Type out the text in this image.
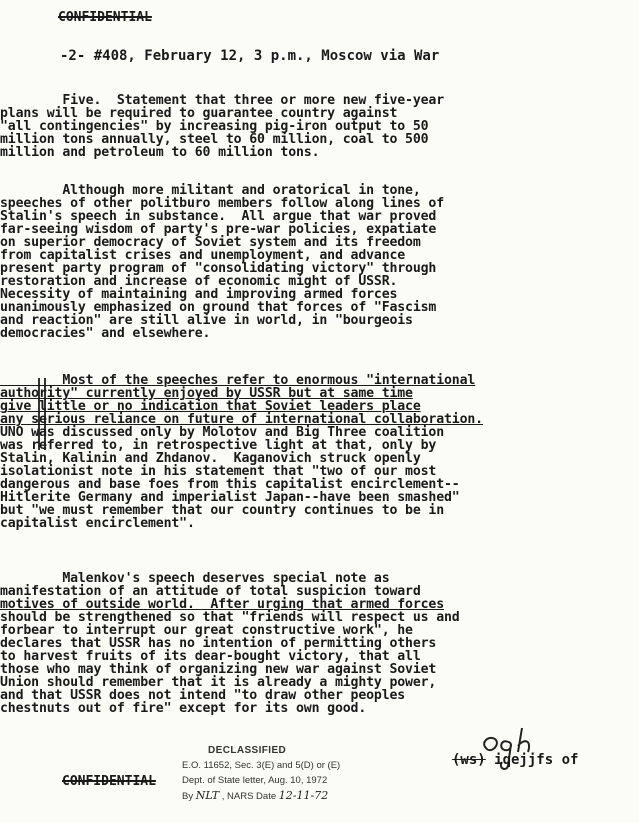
CONFIDENTIAL
-2- #408, February 12, 3 p.m., Moscow via War
Five.  Statement that three or more new five-year
plans will be required to guarantee country against
"all contingencies" by increasing pig-iron output to 50
million tons annually, steel to 60 million, coal to 500
million and petroleum to 60 million tons.
Although more militant and oratorical in tone,
speeches of other politburo members follow along lines of
Stalin's speech in substance.  All argue that war proved
far-seeing wisdom of party's pre-war policies, expatiate
on superior democracy of Soviet system and its freedom
from capitalist crises and unemployment, and advance
present party program of "consolidating victory" through
restoration and increase of economic might of USSR.
Necessity of maintaining and improving armed forces
unanimously emphasized on ground that forces of "Fascism
and reaction" are still alive in world, in "bourgeois
democracies" and elsewhere.
Most of the speeches refer to enormous "international
authority" currently enjoyed by USSR but at same time
give little or no indication that Soviet leaders place
any serious reliance on future of international collaboration.
UNO was discussed only by Molotov and Big Three coalition
was referred to, in retrospective light at that, only by
Stalin, Kalinin and Zhdanov.  Kaganovich struck openly
isolationist note in his statement that "two of our most
dangerous and base foes from this capitalist encirclement--
Hitlerite Germany and imperialist Japan--have been smashed"
but "we must remember that our country continues to be in
capitalist encirclement".
Malenkov's speech deserves special note as
manifestation of an attitude of total suspicion toward
motives of outside world.  After urging that armed forces
should be strengthened so that "friends will respect us and
forbear to interrupt our great constructive work", he
declares that USSR has no intention of permitting others
to harvest fruits of its dear-bought victory, that all
those who may think of organizing new war against Soviet
Union should remember that it is already a mighty power,
and that USSR does not intend "to draw other peoples
chestnuts out of fire" except for its own good.
DECLASSIFIED
E.O. 11652, Sec. 3(E) and 5(D) or (E)
Dept. of State letter, Aug. 10, 1972
By NLT , NARS Date 12-11-72
CONFIDENTIAL
(ws) iqejjfs of
